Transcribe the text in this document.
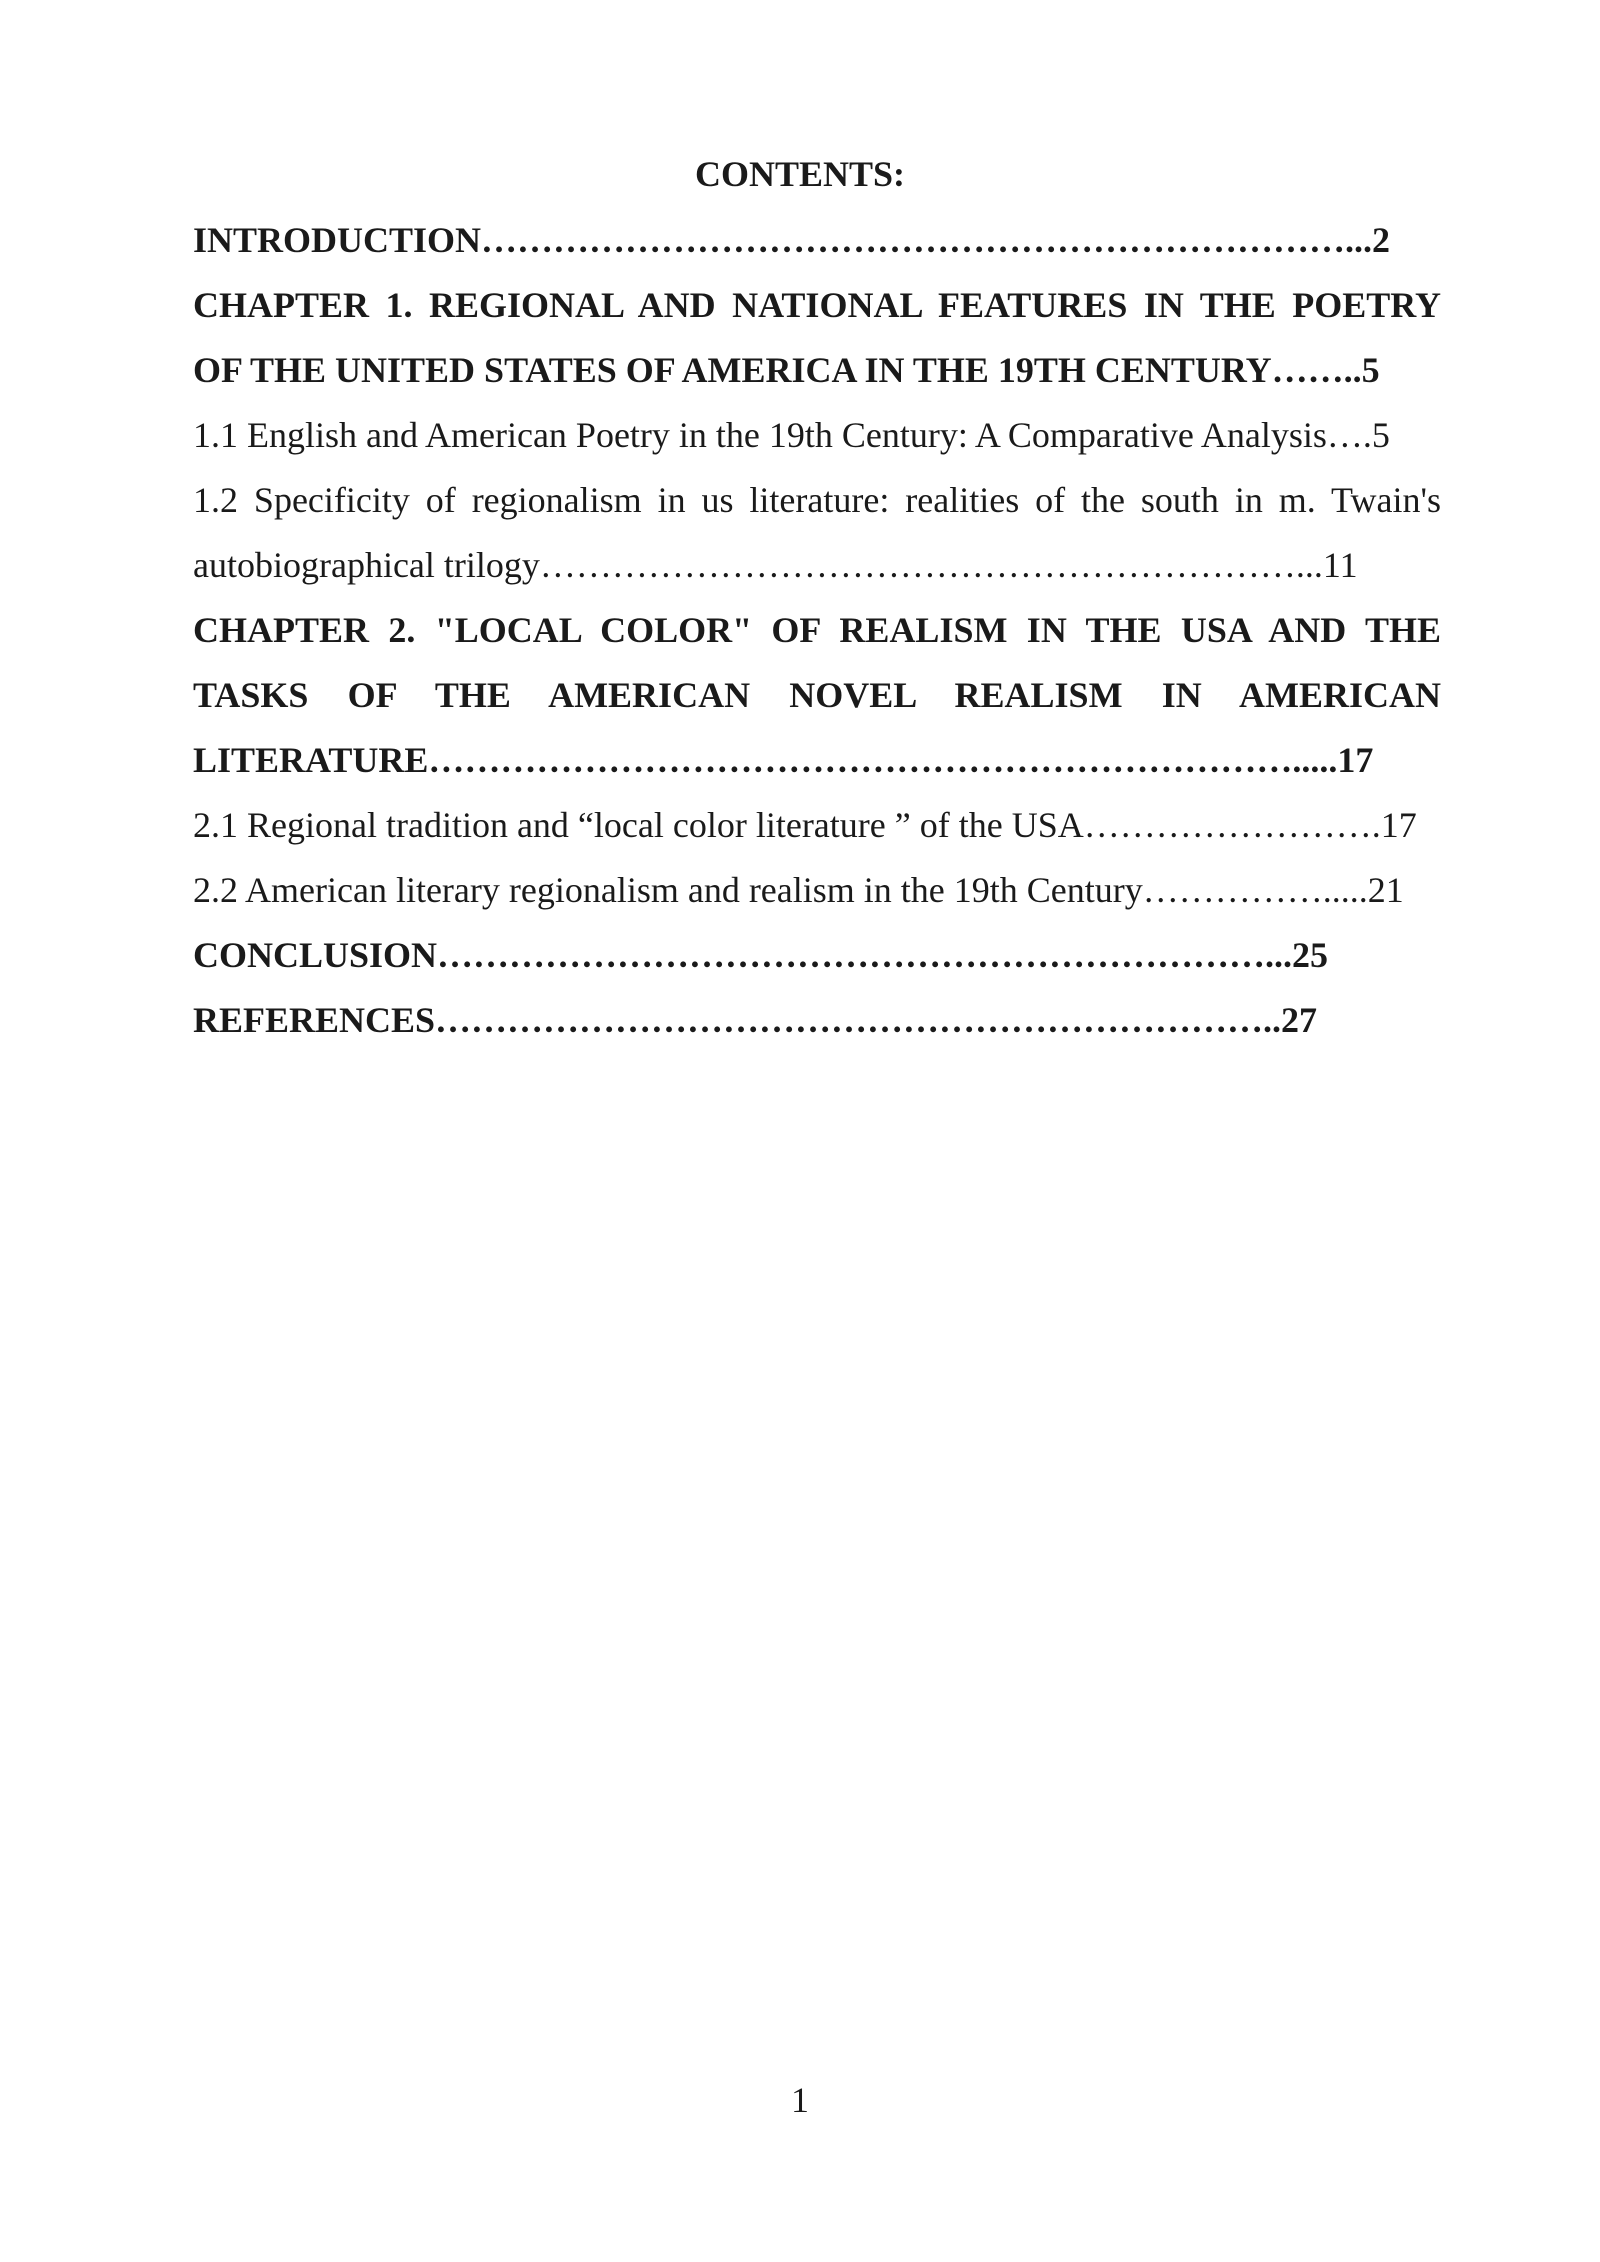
CONTENTS:
INTRODUCTION………………………………………………………………...2
CHAPTER 1. REGIONAL AND NATIONAL FEATURES IN THE POETRY
OF THE UNITED STATES OF AMERICA IN THE 19TH CENTURY……..5
1.1 English and American Poetry in the 19th Century: A Comparative Analysis….5
1.2 Specificity of regionalism in us literature: realities of the south in m. Twain's
autobiographical trilogy………………………………………………………...11
CHAPTER 2. "LOCAL COLOR" OF REALISM IN THE USA AND THE
TASKS OF THE AMERICAN NOVEL REALISM IN AMERICAN
LITERATURE……………………………………………………………….....17
2.1 Regional tradition and “local color literature ” of the USA…………………….17
2.2 American literary regionalism and realism in the 19th Century…………….....21
CONCLUSION……………………………………………………………...25
REFERENCES……………………………………………………………..27
1
